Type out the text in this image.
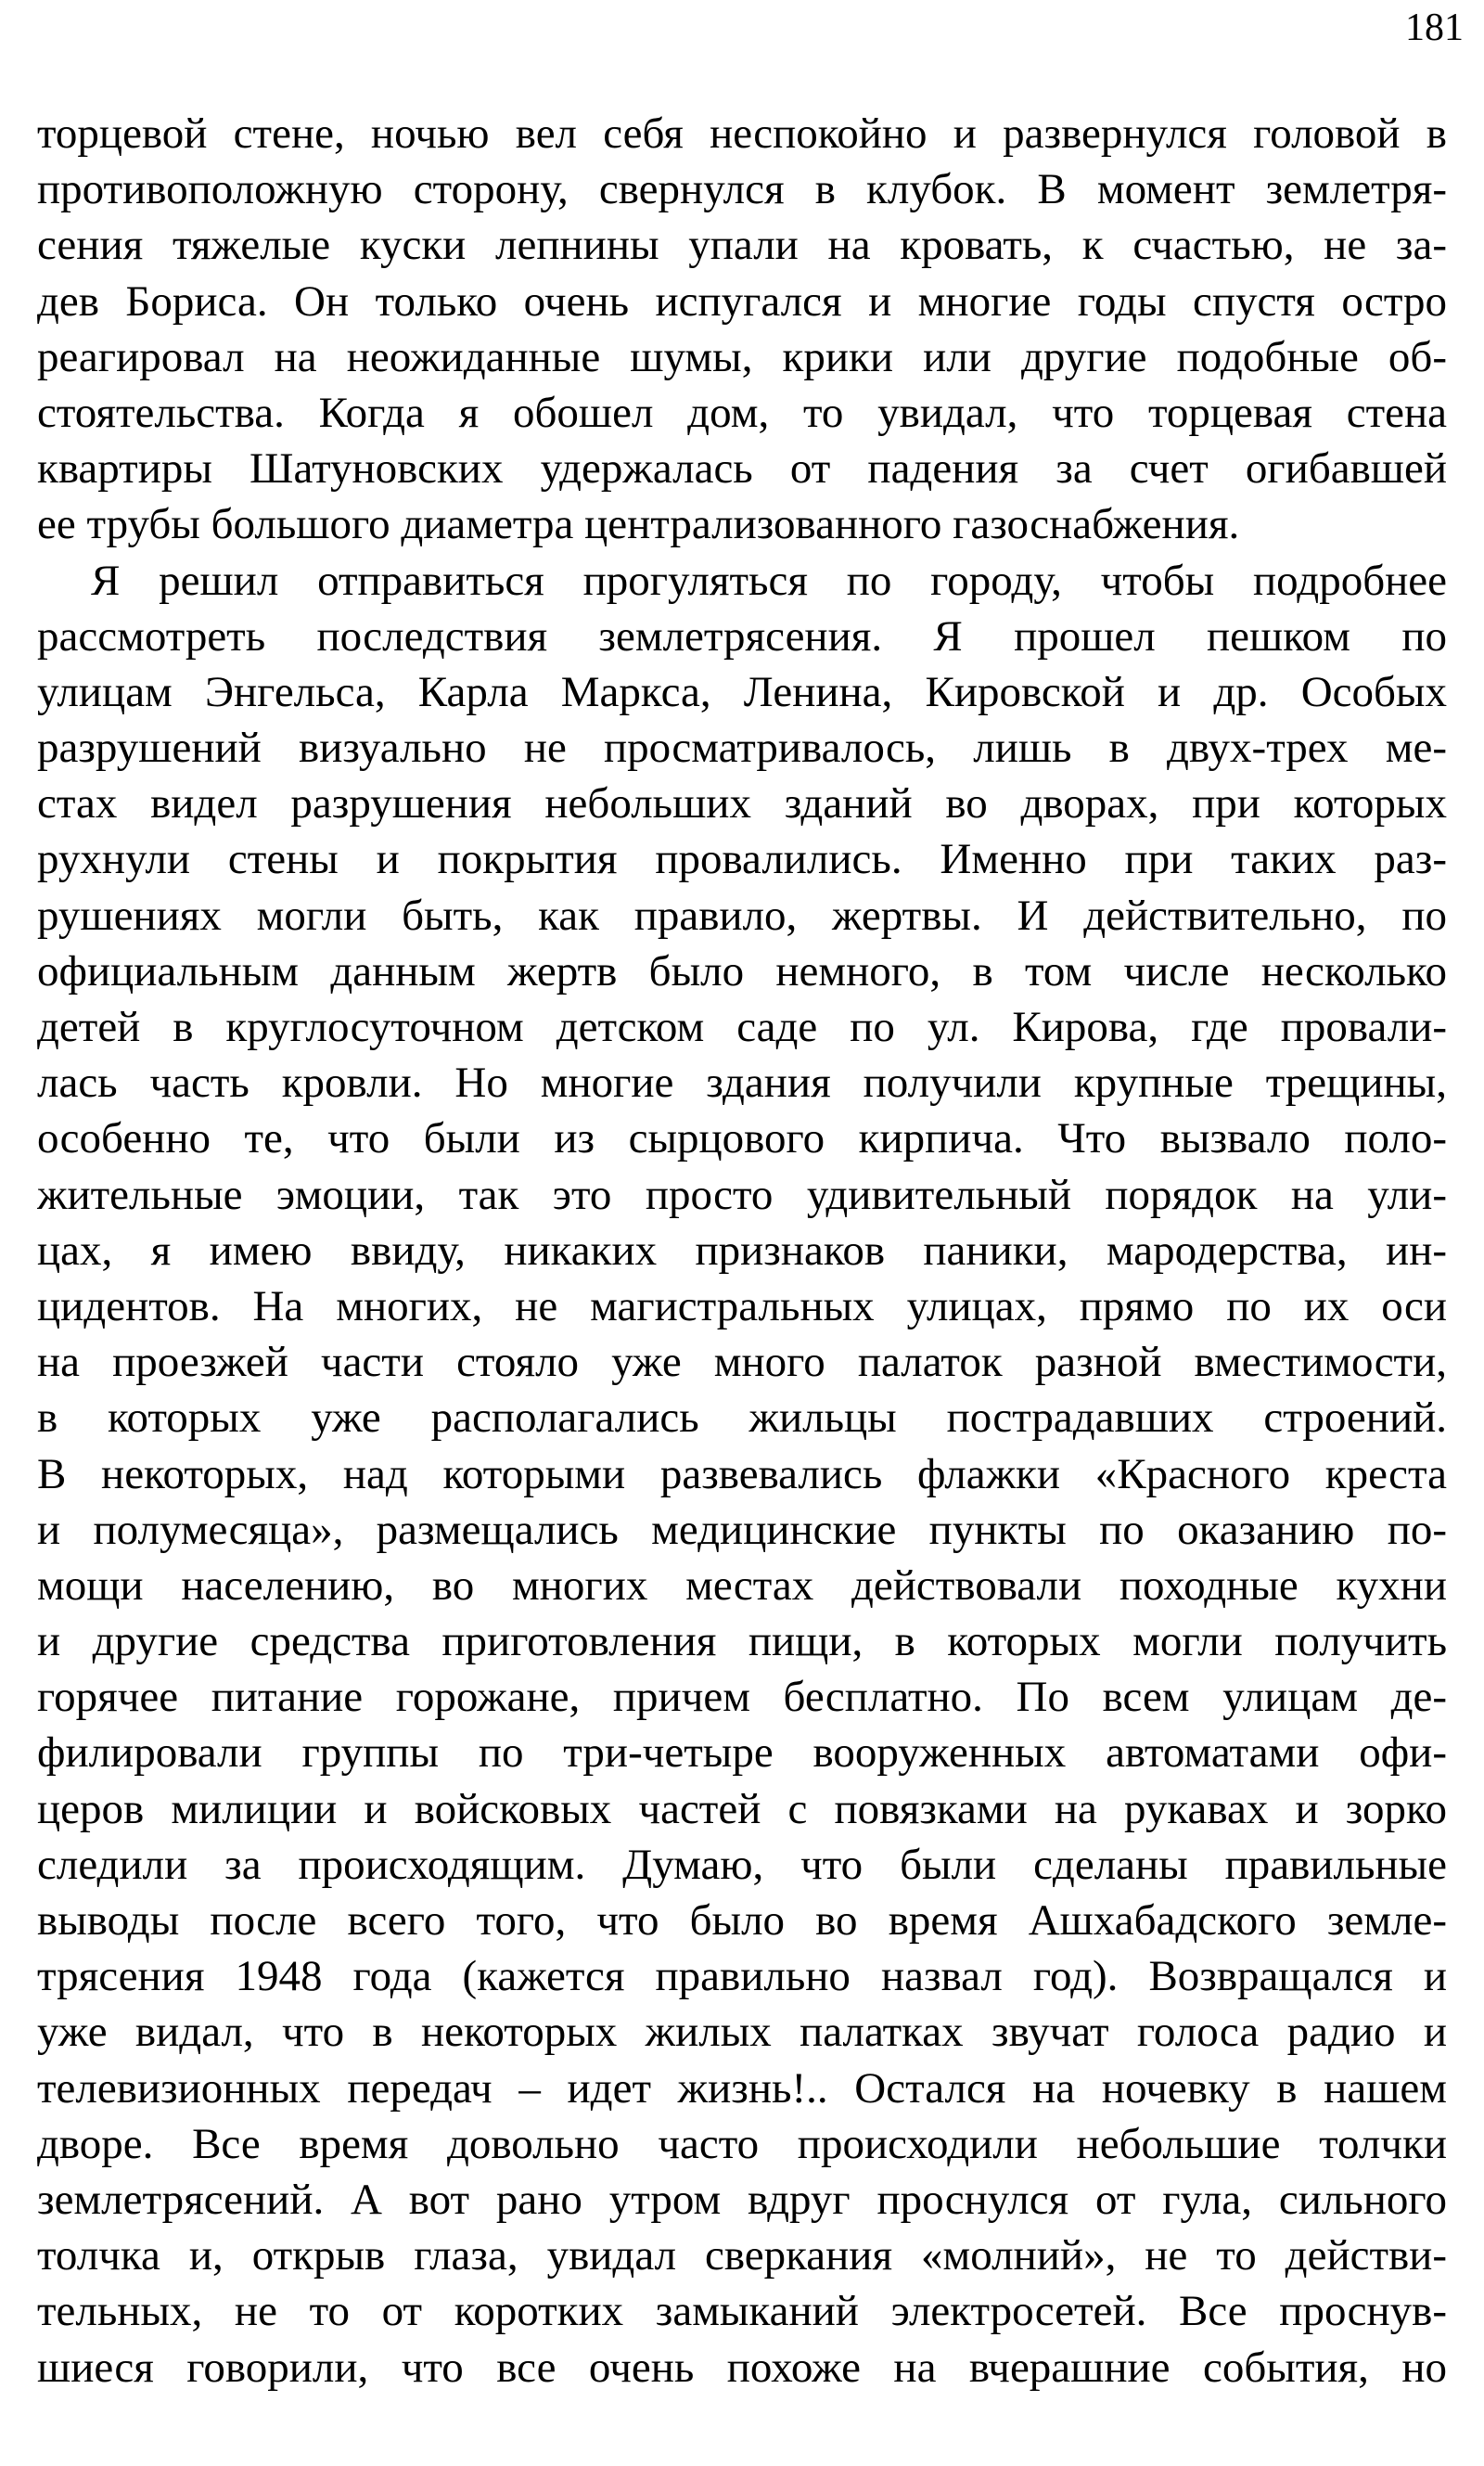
181
торцевой стене, ночью вел себя неспокойно и развернулся головой в
противоположную сторону, свернулся в клубок. В момент землетря-
сения тяжелые куски лепнины упали на кровать, к счастью, не за-
дев Бориса. Он только очень испугался и многие годы спустя остро
реагировал на неожиданные шумы, крики или другие подобные об-
стоятельства. Когда я обошел дом, то увидал, что торцевая стена
квартиры Шатуновских удержалась от падения за счет огибавшей
ее трубы большого диаметра централизованного газоснабжения.
Я решил отправиться прогуляться по городу, чтобы подробнее
рассмотреть последствия землетрясения. Я прошел пешком по
улицам Энгельса, Карла Маркса, Ленина, Кировской и др. Особых
разрушений визуально не просматривалось, лишь в двух-трех ме-
стах видел разрушения небольших зданий во дворах, при которых
рухнули стены и покрытия провалились. Именно при таких раз-
рушениях могли быть, как правило, жертвы. И действительно, по
официальным данным жертв было немного, в том числе несколько
детей в круглосуточном детском саде по ул. Кирова, где провали-
лась часть кровли. Но многие здания получили крупные трещины,
особенно те, что были из сырцового кирпича. Что вызвало поло-
жительные эмоции, так это просто удивительный порядок на ули-
цах, я имею ввиду, никаких признаков паники, мародерства, ин-
цидентов. На многих, не магистральных улицах, прямо по их оси
на проезжей части стояло уже много палаток разной вместимости,
в которых уже располагались жильцы пострадавших строений.
В некоторых, над которыми развевались флажки «Красного креста
и полумесяца», размещались медицинские пункты по оказанию по-
мощи населению, во многих местах действовали походные кухни
и другие средства приготовления пищи, в которых могли получить
горячее питание горожане, причем бесплатно. По всем улицам де-
филировали группы по три-четыре вооруженных автоматами офи-
церов милиции и войсковых частей с повязками на рукавах и зорко
следили за происходящим. Думаю, что были сделаны правильные
выводы после всего того, что было во время Ашхабадского земле-
трясения 1948 года (кажется правильно назвал год). Возвращался и
уже видал, что в некоторых жилых палатках звучат голоса радио и
телевизионных передач – идет жизнь!.. Остался на ночевку в нашем
дворе. Все время довольно часто происходили небольшие толчки
землетрясений. А вот рано утром вдруг проснулся от гула, сильного
толчка и, открыв глаза, увидал сверкания «молний», не то действи-
тельных, не то от коротких замыканий электросетей. Все проснув-
шиеся говорили, что все очень похоже на вчерашние события, но
